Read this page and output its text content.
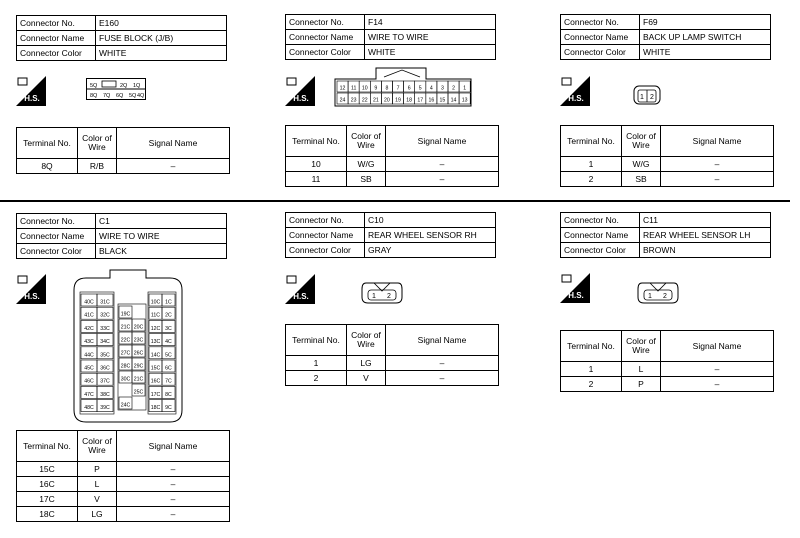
Connector No.	E160
Connector Name	FUSE BLOCK (J/B)
Connector Color	WHITE
H.S.
5Q	2Q 1Q
8Q 7Q 6Q 5Q 4Q
Terminal No.	Color of
Wire	Signal Name
8Q	R/B	–
Connector No.	F14
Connector Name	WIRE TO WIRE
Connector Color	WHITE
H.S.
12 11 10 9 8 7 6 5 4 3 2 1
24 23 22 21 20 19 18 17 16 15 14 13
Terminal No.	Color of
Wire	Signal Name
10	W/G	–
11	SB	–
Connector No.	F69
Connector Name	BACK UP LAMP SWITCH
Connector Color	WHITE
H.S.	1 2
Terminal No.	Color of
Wire	Signal Name
1	W/G	–
2	SB	–
Connector No.	C1
Connector Name	WIRE TO WIRE
Connector Color	BLACK
H.S.
40C 31C
41C 32C
42C 33C
43C 34C
44C 35C
45C 36C
46C 37C
47C 38C
48C 39C
19C
21C 20C
22C 23C
27C 26C
28C 29C
30C 21C
25C
24C
10C 1C
11C 2C
12C 3C
13C 4C
14C 5C
15C 6C
16C 7C
17C 8C
18C 9C
Terminal No.	Color of
Wire	Signal Name
15C	P	–
16C	L	–
17C	V	–
18C	LG	–
Connector No.	C10
Connector Name	REAR WHEEL SENSOR RH
Connector Color	GRAY
H.S.	1 2
Terminal No.	Color of
Wire	Signal Name
1	LG	–
2	V	–
Connector No.	C11
Connector Name	REAR WHEEL SENSOR LH
Connector Color	BROWN
H.S.	1 2
Terminal No.	Color of
Wire	Signal Name
1	L	–
2	P	–
